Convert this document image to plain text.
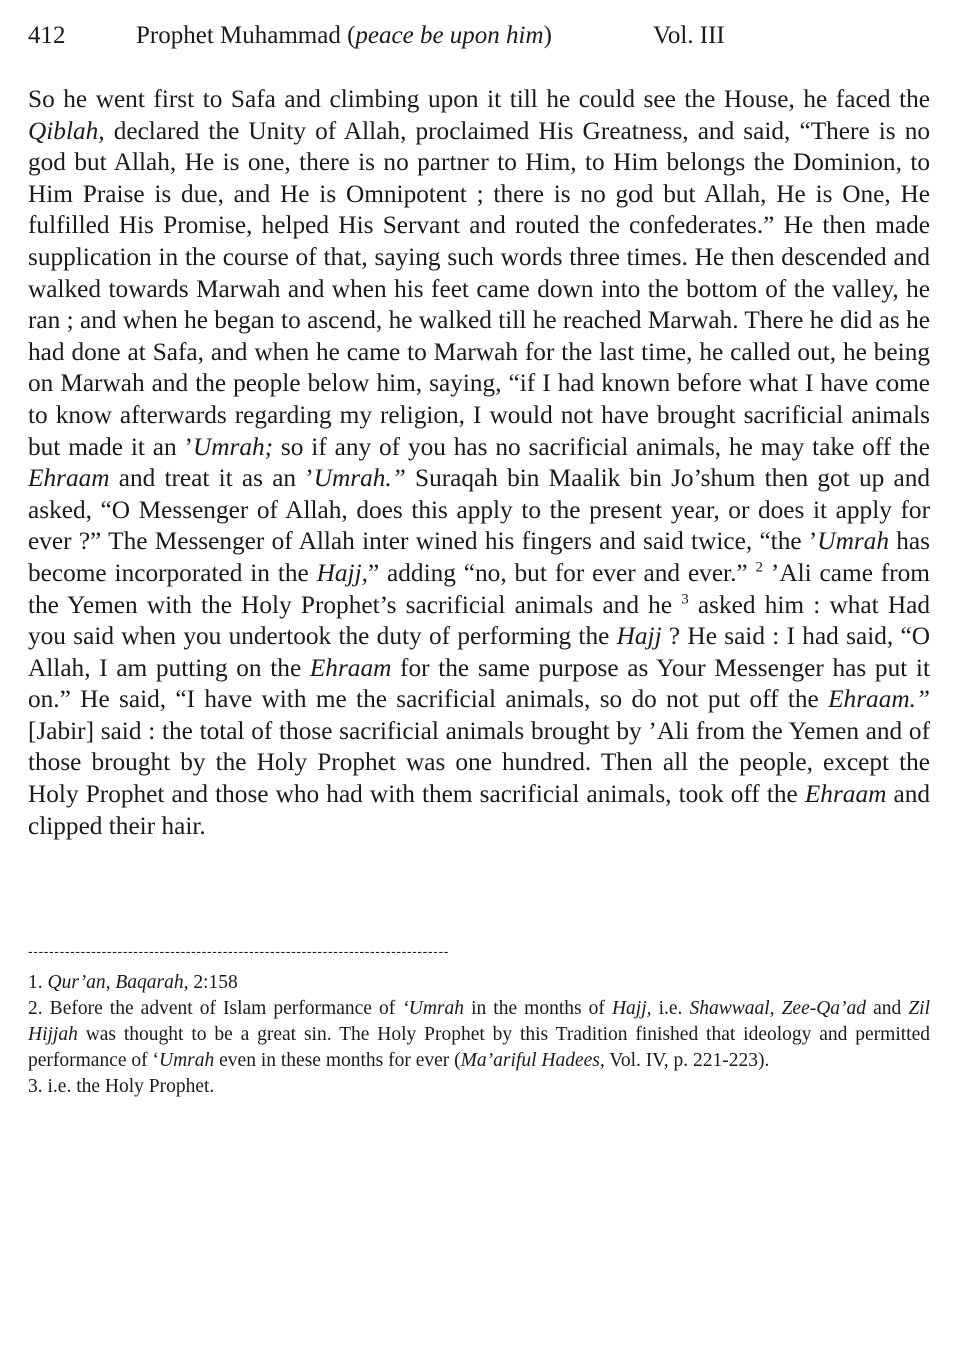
412	Prophet Muhammad (peace be upon him)	Vol. III

So he went first to Safa and climbing upon it till he could see the House, he faced the Qiblah, declared the Unity of Allah, proclaimed His Greatness, and said, “There is no god but Allah, He is one, there is no partner to Him, to Him belongs the Dominion, to Him Praise is due, and He is Omnipotent ; there is no god but Allah, He is One, He fulfilled His Promise, helped His Servant and routed the confederates.” He then made supplication in the course of that, saying such words three times. He then descended and walked towards Marwah and when his feet came down into the bottom of the valley, he ran ; and when he began to ascend, he walked till he reached Marwah. There he did as he had done at Safa, and when he came to Marwah for the last time, he called out, he being on Marwah and the people below him, saying, “if I had known before what I have come to know afterwards regarding my religion, I would not have brought sacrificial animals but made it an ’Umrah; so if any of you has no sacrificial animals, he may take off the Ehraam and treat it as an ’Umrah.” Suraqah bin Maalik bin Jo’shum then got up and asked, “O Messenger of Allah, does this apply to the present year, or does it apply for ever ?” The Messenger of Allah inter wined his fingers and said twice, “the ’Umrah has become incorporated in the Hajj,” adding “no, but for ever and ever.” $^2$ ’Ali came from the Yemen with the Holy Prophet’s sacrificial animals and he $^3$ asked him : what Had you said when you undertook the duty of performing the Hajj ? He said : I had said, “O Allah, I am putting on the Ehraam for the same purpose as Your Messenger has put it on.” He said, “I have with me the sacrificial animals, so do not put off the Ehraam.” [Jabir] said : the total of those sacrificial animals brought by ’Ali from the Yemen and of those brought by the Holy Prophet was one hundred. Then all the people, except the Holy Prophet and those who had with them sacrificial animals, took off the Ehraam and clipped their hair.

--------------------------------------------------------------------------------

1. Qur’an, Baqarah, 2:158

2. Before the advent of Islam performance of ‘Umrah in the months of Hajj, i.e. Shawwaal, Zee-Qa’ad and Zil Hijjah was thought to be a great sin. The Holy Prophet by this Tradition finished that ideology and permitted performance of ‘Umrah even in these months for ever (Ma’ariful Hadees, Vol. IV, p. 221-223).

3. i.e. the Holy Prophet.
